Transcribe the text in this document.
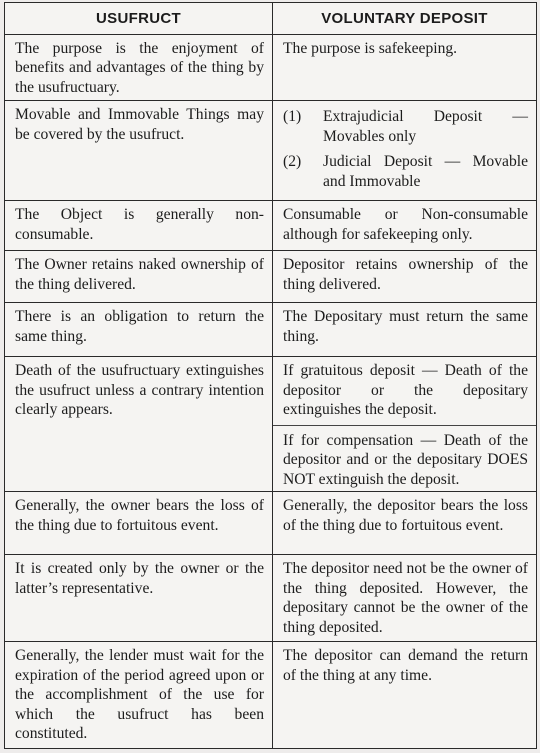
USUFRUCT	VOLUNTARY DEPOSIT
The purpose is the enjoyment of benefits and advantages of the thing by the usufructuary.	The purpose is safekeeping.
Movable and Immovable Things may be covered by the usufruct.	(1) Extrajudicial Deposit — Movables only
(2) Judicial Deposit — Movable and Immovable

The Object is generally non-consumable.	Consumable or Non-consumable although for safekeeping only.
The Owner retains naked ownership of the thing delivered.	Depositor retains ownership of the thing delivered.
There is an obligation to return the same thing.	The Depositary must return the same thing.
Death of the usufructuary extinguishes the usufruct unless a contrary intention clearly appears.	If gratuitous deposit — Death of the depositor or the depositary extinguishes the deposit.
If for compensation — Death of the depositor and or the depositary DOES NOT extinguish the deposit.
Generally, the owner bears the loss of the thing due to fortuitous event.	Generally, the depositor bears the loss of the thing due to fortuitous event.
It is created only by the owner or the latter’s representative.	The depositor need not be the owner of the thing deposited. However, the depositary cannot be the owner of the thing deposited.
Generally, the lender must wait for the expiration of the period agreed upon or the accomplishment of the use for which the usufruct has been constituted.	The depositor can demand the return of the thing at any time.
